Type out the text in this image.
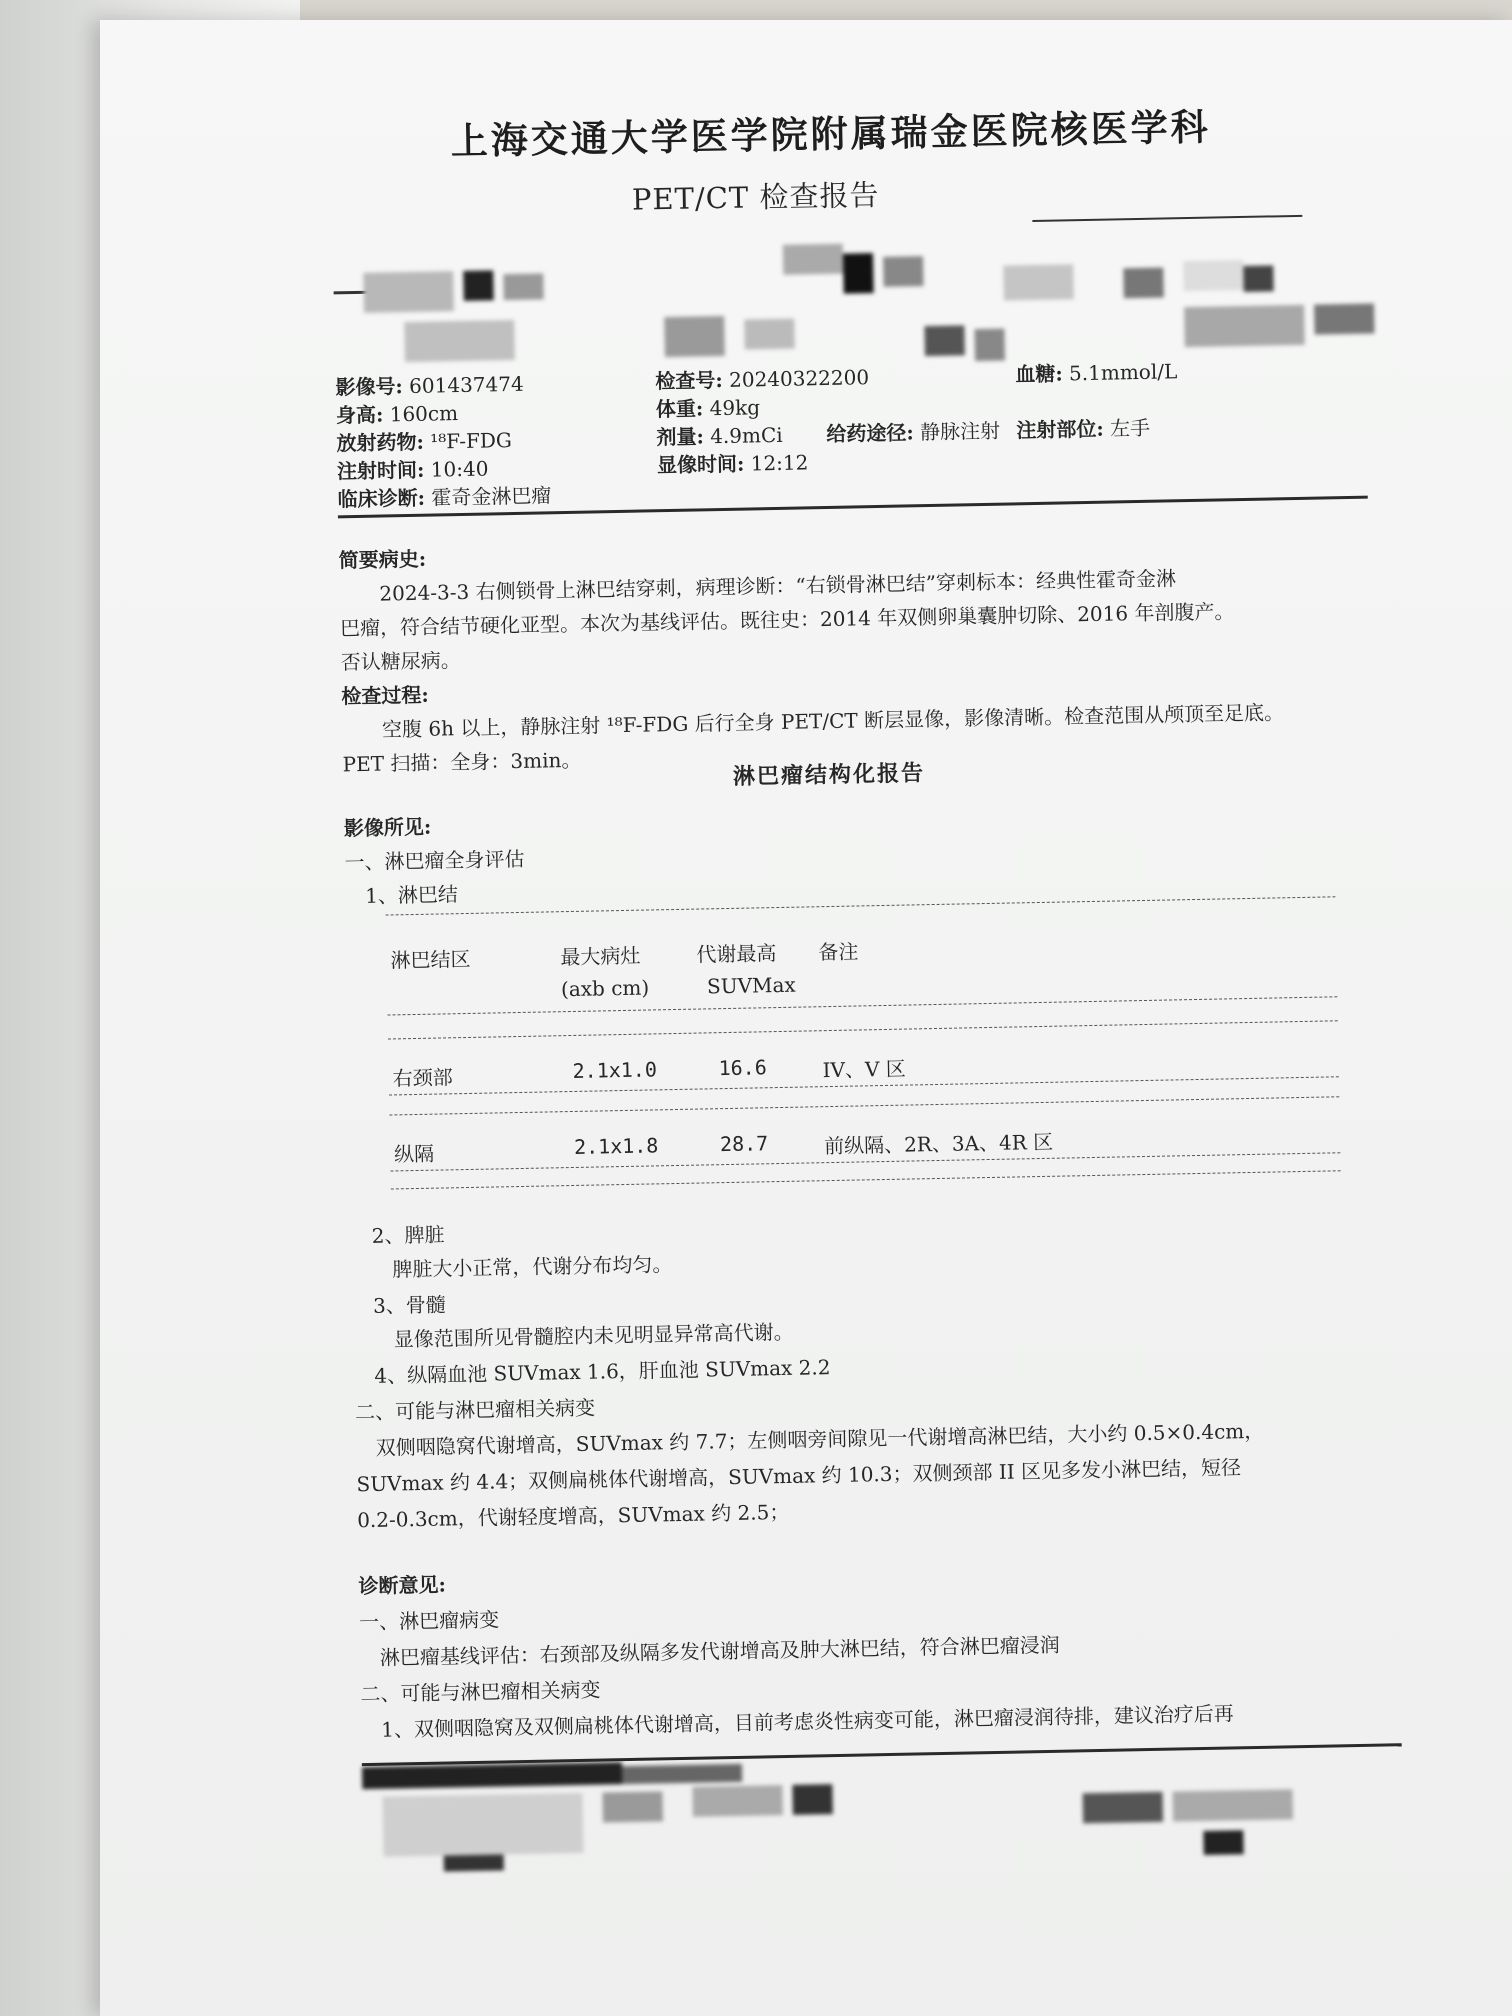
上海交通大学医学院附属瑞金医院核医学科
PET/CT 检查报告
影像号: 601437474	检查号: 20240322200	血糖: 5.1mmol/L
身高: 160cm	体重: 49kg
放射药物: ¹⁸F-FDG	剂量: 4.9mCi 给药途径: 静脉注射 注射部位: 左手
注射时间: 10:40	显像时间: 12:12
临床诊断: 霍奇金淋巴瘤
简要病史:
2024-3-3 右侧锁骨上淋巴结穿刺，病理诊断：“右锁骨淋巴结”穿刺标本：经典性霍奇金淋
巴瘤，符合结节硬化亚型。本次为基线评估。既往史：2014 年双侧卵巢囊肿切除、2016 年剖腹产。
否认糖尿病。
检查过程:
空腹 6h 以上，静脉注射 ¹⁸F-FDG 后行全身 PET/CT 断层显像，影像清晰。检查范围从颅顶至足底。
PET 扫描：全身：3min。	淋巴瘤结构化报告
影像所见:
一、淋巴瘤全身评估
1、淋巴结
淋巴结区	最大病灶	代谢最高 备注
(axb cm)	SUVMax
右颈部	2.1x1.0	16.6	IV、V 区
纵隔	2.1x1.8	28.7	前纵隔、2R、3A、4R 区
2、脾脏
脾脏大小正常，代谢分布均匀。
3、骨髓
显像范围所见骨髓腔内未见明显异常高代谢。
4、纵隔血池 SUVmax 1.6，肝血池 SUVmax 2.2
二、可能与淋巴瘤相关病变
双侧咽隐窝代谢增高，SUVmax 约 7.7；左侧咽旁间隙见一代谢增高淋巴结，大小约 0.5×0.4cm，
SUVmax 约 4.4；双侧扁桃体代谢增高，SUVmax 约 10.3；双侧颈部 II 区见多发小淋巴结，短径
0.2-0.3cm，代谢轻度增高，SUVmax 约 2.5；
诊断意见:
一、淋巴瘤病变
淋巴瘤基线评估：右颈部及纵隔多发代谢增高及肿大淋巴结，符合淋巴瘤浸润
二、可能与淋巴瘤相关病变
1、双侧咽隐窝及双侧扁桃体代谢增高，目前考虑炎性病变可能，淋巴瘤浸润待排，建议治疗后再
